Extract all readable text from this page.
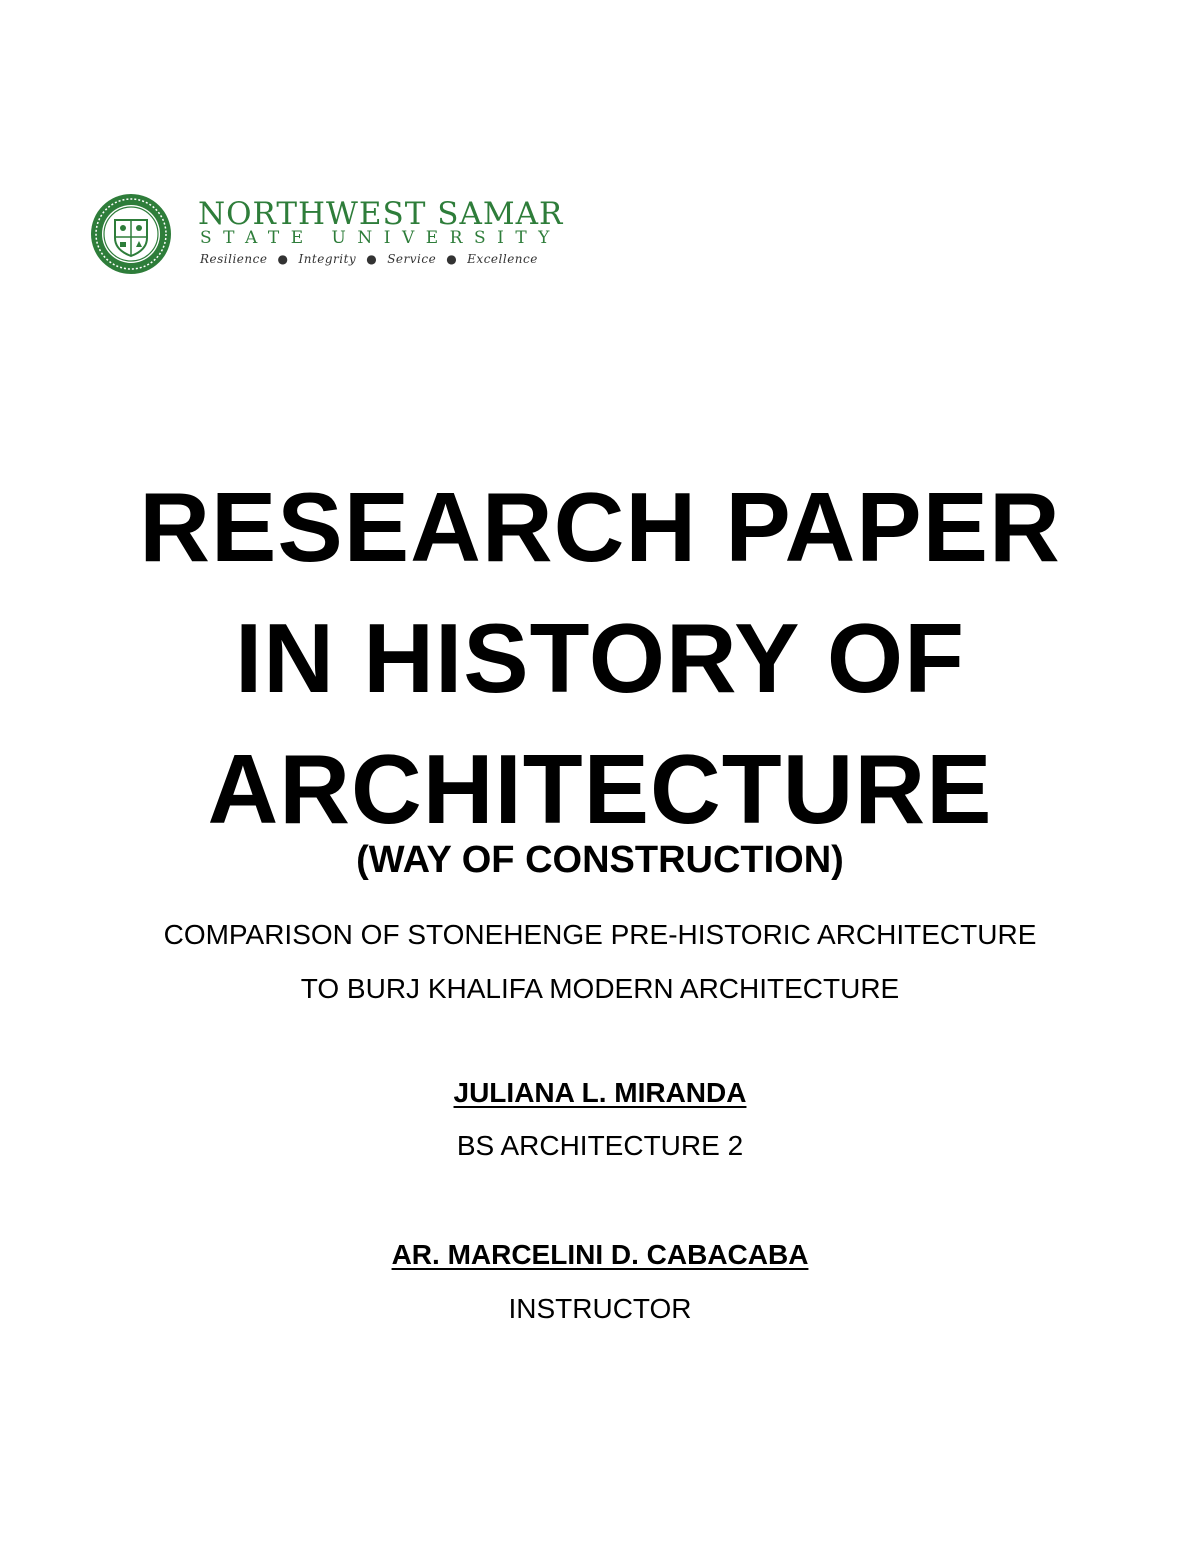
NORTHWEST SAMAR
STATE UNIVERSITY
Resilience ● Integrity ● Service ● Excellence
RESEARCH PAPER
IN HISTORY OF
ARCHITECTURE
(WAY OF CONSTRUCTION)
COMPARISON OF STONEHENGE PRE-HISTORIC ARCHITECTURE
TO BURJ KHALIFA MODERN ARCHITECTURE
JULIANA L. MIRANDA
BS ARCHITECTURE 2
AR. MARCELINI D. CABACABA
INSTRUCTOR
